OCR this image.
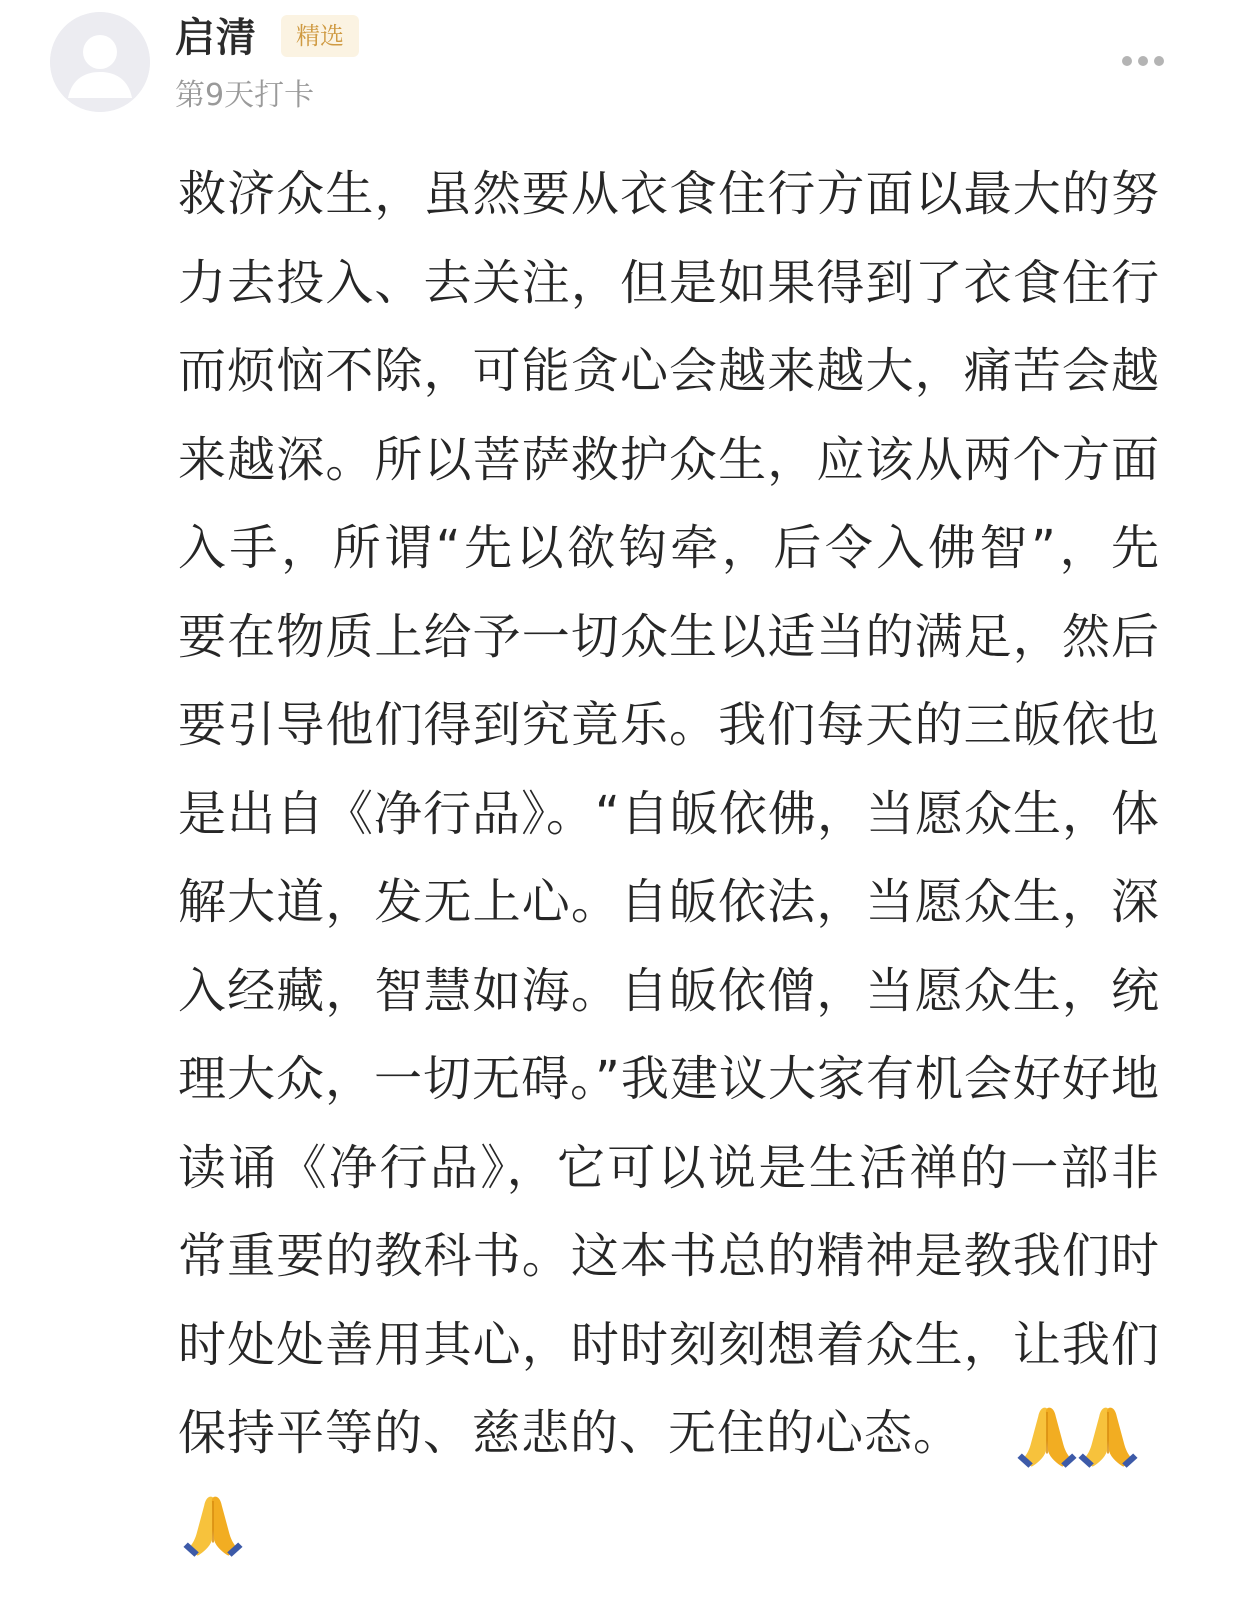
启清	精选
第9天打卡

救济众生，虽然要从衣食住行方面以最大的努力去投入、去关注，但是如果得到了衣食住行而烦恼不除，可能贪心会越来越大，痛苦会越来越深。所以菩萨救护众生，应该从两个方面入手，所谓“先以欲钩牵，后令入佛智”，先要在物质上给予一切众生以适当的满足，然后要引导他们得到究竟乐。我们每天的三皈依也是出自《净行品》。“自皈依佛，当愿众生，体解大道，发无上心。自皈依法，当愿众生，深入经藏，智慧如海。自皈依僧，当愿众生，统理大众，一切无碍。”我建议大家有机会好好地读诵《净行品》，它可以说是生活禅的一部非常重要的教科书。这本书总的精神是教我们时时处处善用其心，时时刻刻想着众生，让我们保持平等的、慈悲的、无住的心态。
